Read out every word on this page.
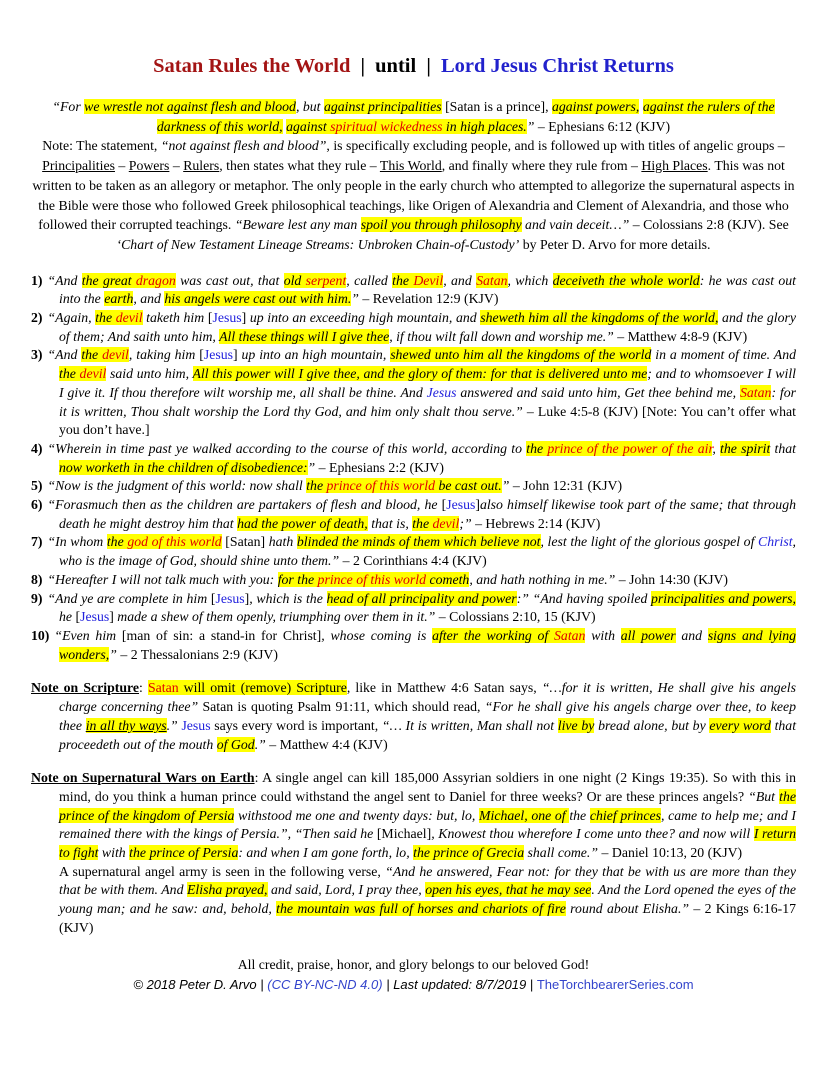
Satan Rules the World | until | Lord Jesus Christ Returns
“For we wrestle not against flesh and blood, but against principalities [Satan is a prince], against powers, against the rulers of the darkness of this world, against spiritual wickedness in high places.” – Ephesians 6:12 (KJV)
Note: The statement, “not against flesh and blood”, is specifically excluding people, and is followed up with titles of angelic groups – Principalities – Powers – Rulers, then states what they rule – This World, and finally where they rule from – High Places. This was not written to be taken as an allegory or metaphor. The only people in the early church who attempted to allegorize the supernatural aspects in the Bible were those who followed Greek philosophical teachings, like Origen of Alexandria and Clement of Alexandria, and those who followed their corrupted teachings. “Beware lest any man spoil you through philosophy and vain deceit…” – Colossians 2:8 (KJV). See ‘Chart of New Testament Lineage Streams: Unbroken Chain-of-Custody’ by Peter D. Arvo for more details.
1) “And the great dragon was cast out, that old serpent, called the Devil, and Satan, which deceiveth the whole world: he was cast out into the earth, and his angels were cast out with him.” – Revelation 12:9 (KJV)
2) “Again, the devil taketh him [Jesus] up into an exceeding high mountain, and sheweth him all the kingdoms of the world, and the glory of them; And saith unto him, All these things will I give thee, if thou wilt fall down and worship me.” – Matthew 4:8-9 (KJV)
3) “And the devil, taking him [Jesus] up into an high mountain, shewed unto him all the kingdoms of the world in a moment of time. And the devil said unto him, All this power will I give thee, and the glory of them: for that is delivered unto me; and to whomsoever I will I give it. If thou therefore wilt worship me, all shall be thine. And Jesus answered and said unto him, Get thee behind me, Satan: for it is written, Thou shalt worship the Lord thy God, and him only shalt thou serve.” – Luke 4:5-8 (KJV) [Note: You can’t offer what you don’t have.]
4) “Wherein in time past ye walked according to the course of this world, according to the prince of the power of the air, the spirit that now worketh in the children of disobedience:” – Ephesians 2:2 (KJV)
5) “Now is the judgment of this world: now shall the prince of this world be cast out.” – John 12:31 (KJV)
6) “Forasmuch then as the children are partakers of flesh and blood, he [Jesus]also himself likewise took part of the same; that through death he might destroy him that had the power of death, that is, the devil;” – Hebrews 2:14 (KJV)
7) “In whom the god of this world [Satan] hath blinded the minds of them which believe not, lest the light of the glorious gospel of Christ, who is the image of God, should shine unto them.” – 2 Corinthians 4:4 (KJV)
8) “Hereafter I will not talk much with you: for the prince of this world cometh, and hath nothing in me.” – John 14:30 (KJV)
9) “And ye are complete in him [Jesus], which is the head of all principality and power:” “And having spoiled principalities and powers, he [Jesus] made a shew of them openly, triumphing over them in it.” – Colossians 2:10, 15 (KJV)
10) “Even him [man of sin: a stand-in for Christ], whose coming is after the working of Satan with all power and signs and lying wonders,” – 2 Thessalonians 2:9 (KJV)
Note on Scripture: Satan will omit (remove) Scripture, like in Matthew 4:6 Satan says, “…for it is written, He shall give his angels charge concerning thee” Satan is quoting Psalm 91:11, which should read, “For he shall give his angels charge over thee, to keep thee in all thy ways.” Jesus says every word is important, “… It is written, Man shall not live by bread alone, but by every word that proceedeth out of the mouth of God.” – Matthew 4:4 (KJV)
Note on Supernatural Wars on Earth: A single angel can kill 185,000 Assyrian soldiers in one night (2 Kings 19:35). So with this in mind, do you think a human prince could withstand the angel sent to Daniel for three weeks? Or are these princes angels? “But the prince of the kingdom of Persia withstood me one and twenty days: but, lo, Michael, one of the chief princes, came to help me; and I remained there with the kings of Persia.”, “Then said he [Michael], Knowest thou wherefore I come unto thee? and now will I return to fight with the prince of Persia: and when I am gone forth, lo, the prince of Grecia shall come.” – Daniel 10:13, 20 (KJV)
A supernatural angel army is seen in the following verse, “And he answered, Fear not: for they that be with us are more than they that be with them. And Elisha prayed, and said, Lord, I pray thee, open his eyes, that he may see. And the Lord opened the eyes of the young man; and he saw: and, behold, the mountain was full of horses and chariots of fire round about Elisha.” – 2 Kings 6:16-17 (KJV)
All credit, praise, honor, and glory belongs to our beloved God!
© 2018 Peter D. Arvo | (CC BY-NC-ND 4.0) | Last updated: 8/7/2019 | TheTorchbearerSeries.com
